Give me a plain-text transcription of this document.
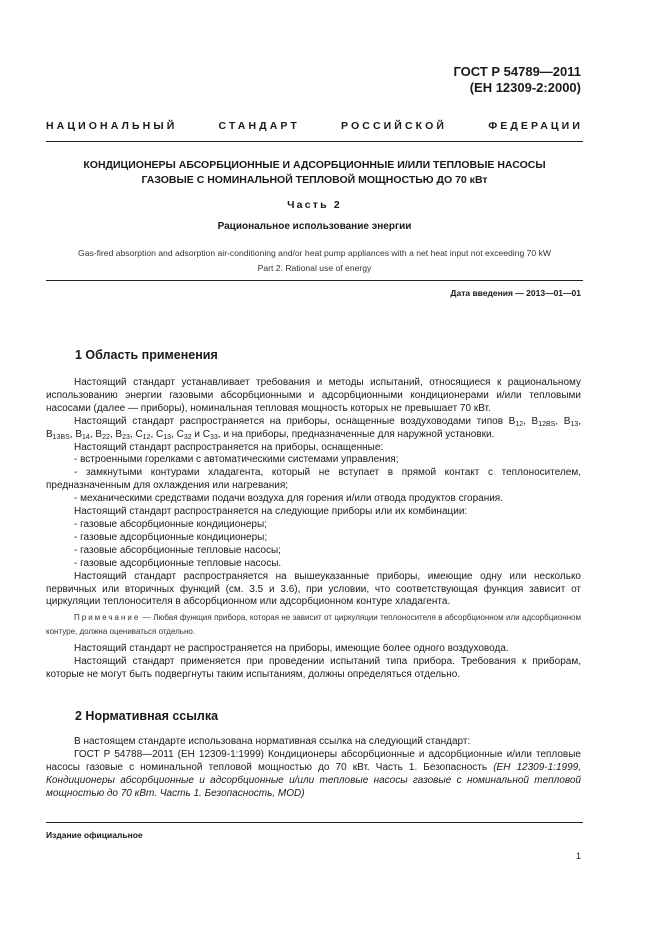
ГОСТ Р 54789—2011
(ЕН 12309-2:2000)
НАЦИОНАЛЬНЫЙ	СТАНДАРТ	РОССИЙСКОЙ	ФЕДЕРАЦИИ
КОНДИЦИОНЕРЫ АБСОРБЦИОННЫЕ И АДСОРБЦИОННЫЕ И/ИЛИ ТЕПЛОВЫЕ НАСОСЫ
ГАЗОВЫЕ С НОМИНАЛЬНОЙ ТЕПЛОВОЙ МОЩНОСТЬЮ ДО 70 кВт
Часть 2
Рациональное использование энергии
Gas-fired absorption and adsorption air-conditioning and/or heat pump appliances with a net heat input not exceeding 70 kW
Part 2. Rational use of energy
Дата введения — 2013—01—01
1 Область применения

Настоящий стандарт устанавливает требования и методы испытаний, относящиеся к рациональному использованию энергии газовыми абсорбционными и адсорбционными кондиционерами и/или тепловыми насосами (далее — приборы), номинальная тепловая мощность которых не превышает 70 кВт.

Настоящий стандарт распространяется на приборы, оснащенные воздуховодами типов $B_{12}$, $B_{12BS}$, $B_{13}$, $B_{13BS}$, $B_{14}$, $B_{22}$, $B_{23}$, $C_{12}$, $C_{13}$, $C_{32}$ и $C_{33}$, и на приборы, предназначенные для наружной установки.

Настоящий стандарт распространяется на приборы, оснащенные:

- встроенными горелками с автоматическими системами управления;

- замкнутыми контурами хладагента, который не вступает в прямой контакт с теплоносителем, предназначенным для охлаждения или нагревания;

- механическими средствами подачи воздуха для горения и/или отвода продуктов сгорания.

Настоящий стандарт распространяется на следующие приборы или их комбинации:

- газовые абсорбционные кондиционеры;

- газовые адсорбционные кондиционеры;

- газовые абсорбционные тепловые насосы;

- газовые адсорбционные тепловые насосы.

Настоящий стандарт распространяется на вышеуказанные приборы, имеющие одну или несколько первичных или вторичных функций (см. 3.5 и 3.6), при условии, что соответствующая функция зависит от циркуляции теплоносителя в абсорбционном или адсорбционном контуре хладагента.

Примечание — Любая функция прибора, которая не зависит от циркуляции теплоносителя в абсорбционном или адсорбционном контуре, должна оцениваться отдельно.

Настоящий стандарт не распространяется на приборы, имеющие более одного воздуховода.

Настоящий стандарт применяется при проведении испытаний типа прибора. Требования к приборам, которые не могут быть подвергнуты таким испытаниям, должны определяться отдельно.

2 Нормативная ссылка

В настоящем стандарте использована нормативная ссылка на следующий стандарт:

ГОСТ Р 54788—2011 (ЕН 12309-1:1999) Кондиционеры абсорбционные и адсорбционные и/или тепловые насосы газовые с номинальной тепловой мощностью до 70 кВт. Часть 1. Безопасность (ЕН 12309-1:1999, Кондиционеры абсорбционные и адсорбционные и/или тепловые насосы газовые с номинальной тепловой мощностью до 70 кВт. Часть 1. Безопасность, MOD)

Издание официальное
1
